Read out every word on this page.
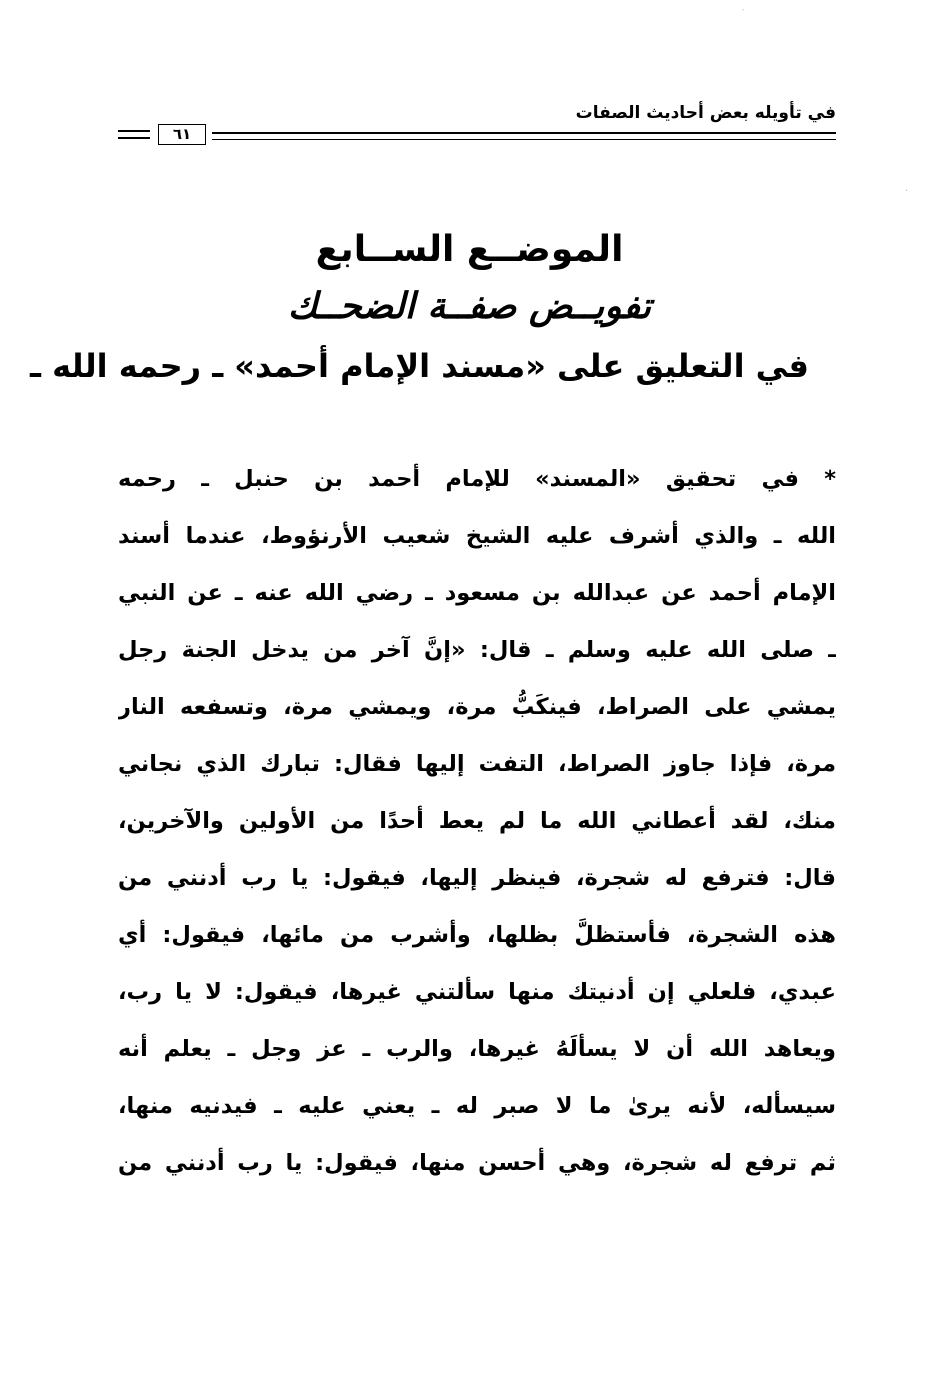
′
·
في تأويله بعض أحاديث الصفات
٦١
الموضــع الســابع
تفويــض صفــة الضحــك
في التعليق على «مسند الإمام أحمد» ـ رحمه الله ـ
* في تحقيق «المسند» للإمام أحمد بن حنبل ـ رحمه
الله ـ والذي أشرف عليه الشيخ شعيب الأرنؤوط، عندما أسند
الإمام أحمد عن عبدالله بن مسعود ـ رضي الله عنه ـ عن النبي
ـ صلى الله عليه وسلم ـ قال: «إنَّ آخر من يدخل الجنة رجل
يمشي على الصراط، فينكَبُّ مرة، ويمشي مرة، وتسفعه النار
مرة، فإذا جاوز الصراط، التفت إليها فقال: تبارك الذي نجاني
منك، لقد أعطاني الله ما لم يعط أحدًا من الأولين والآخرين،
قال: فترفع له شجرة، فينظر إليها، فيقول: يا رب أدنني من
هذه الشجرة، فأستظلَّ بظلها، وأشرب من مائها، فيقول: أي
عبدي، فلعلي إن أدنيتك منها سألتني غيرها، فيقول: لا يا رب،
ويعاهد الله أن لا يسألَهُ غيرها، والرب ـ عز وجل ـ يعلم أنه
سيسأله، لأنه يرىٰ ما لا صبر له ـ يعني عليه ـ فيدنيه منها،
ثم ترفع له شجرة، وهي أحسن منها، فيقول: يا رب أدنني من
